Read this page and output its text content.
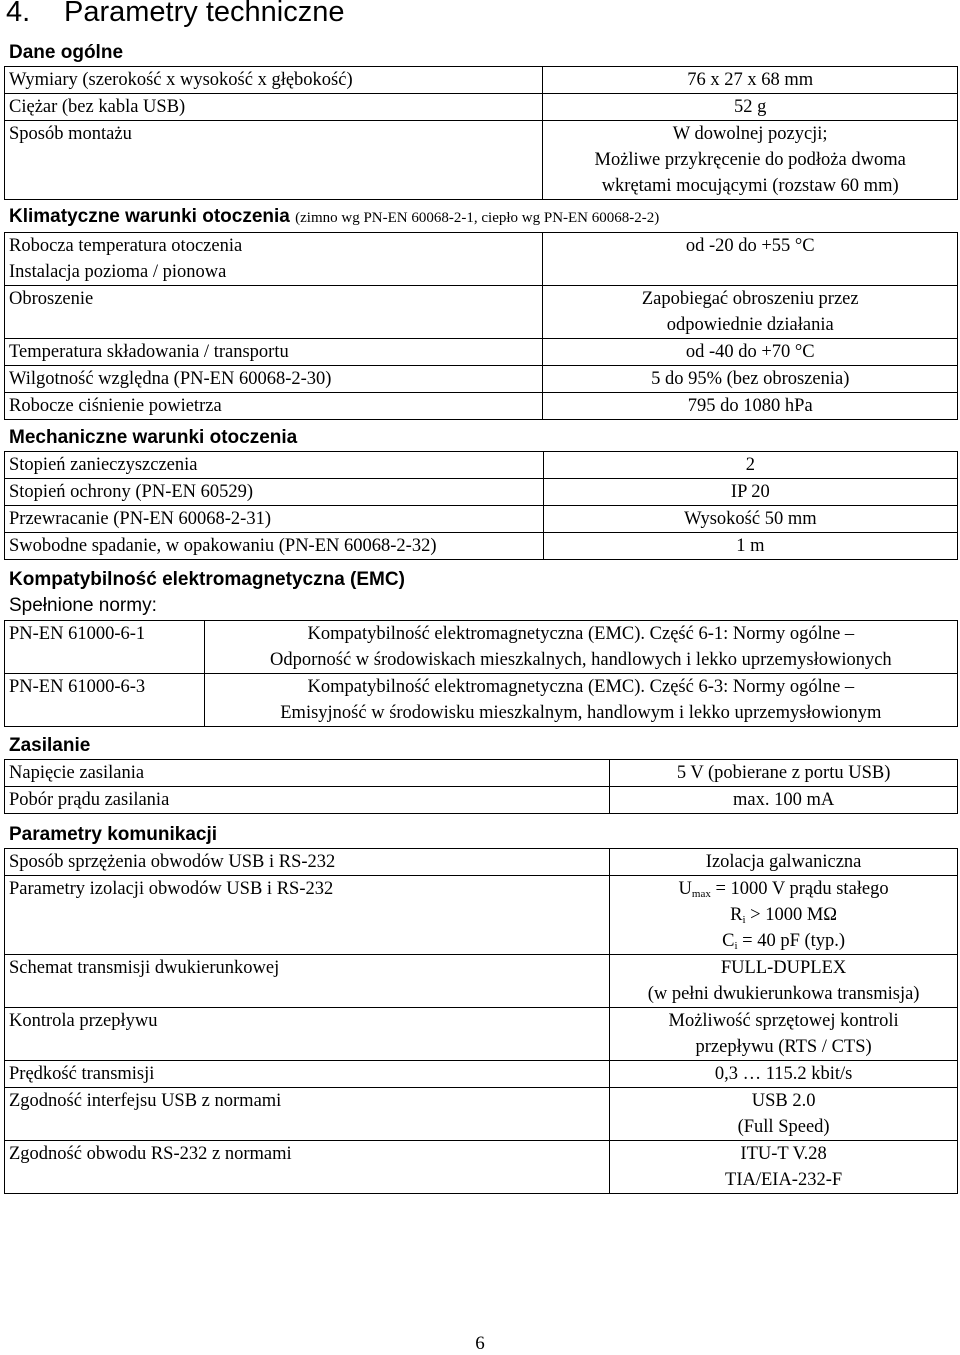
4. Parametry techniczne
Dane ogólne
Wymiary (szerokość x wysokość x głębokość)	76 x 27 x 68 mm
Ciężar (bez kabla USB)	52 g
Sposób montażu	W dowolnej pozycji;
Możliwe przykręcenie do podłoża dwoma
wkrętami mocującymi (rozstaw 60 mm)
Klimatyczne warunki otoczenia (zimno wg PN-EN 60068-2-1, ciepło wg PN-EN 60068-2-2)
Robocza temperatura otoczenia
Instalacja pozioma / pionowa	od -20 do +55 °C
Obroszenie	Zapobiegać obroszeniu przez
odpowiednie działania

Temperatura składowania / transportu	od -40 do +70 °C
Wilgotność względna (PN-EN 60068-2-30)	5 do 95% (bez obroszenia)
Robocze ciśnienie powietrza	795 do 1080 hPa
Mechaniczne warunki otoczenia
Stopień zanieczyszczenia	2
Stopień ochrony (PN-EN 60529)	IP 20
Przewracanie (PN-EN 60068-2-31)	Wysokość 50 mm
Swobodne spadanie, w opakowaniu (PN-EN 60068-2-32)	1 m
Kompatybilność elektromagnetyczna (EMC)
Spełnione normy:
PN-EN 61000-6-1	Kompatybilność elektromagnetyczna (EMC). Część 6-1: Normy ogólne –
Odporność w środowiskach mieszkalnych, handlowych i lekko uprzemysłowionych

PN-EN 61000-6-3	Kompatybilność elektromagnetyczna (EMC). Część 6-3: Normy ogólne –
Emisyjność w środowisku mieszkalnym, handlowym i lekko uprzemysłowionym
Zasilanie
Napięcie zasilania	5 V (pobierane z portu USB)
Pobór prądu zasilania	max. 100 mA
Parametry komunikacji
Sposób sprzężenia obwodów USB i RS-232	Izolacja galwaniczna
Parametry izolacji obwodów USB i RS-232	$U_{max} = 1000$ V prądu stałego
$R_i > 1000$ MΩ
$C_i = 40$ pF (typ.)

Schemat transmisji dwukierunkowej	FULL-DUPLEX
(w pełni dwukierunkowa transmisja)

Kontrola przepływu	Możliwość sprzętowej kontroli
przepływu (RTS / CTS)

Prędkość transmisji	0,3 … 115.2 kbit/s
Zgodność interfejsu USB z normami	USB 2.0
(Full Speed)

Zgodność obwodu RS-232 z normami	ITU-T V.28
TIA/EIA-232-F
6
